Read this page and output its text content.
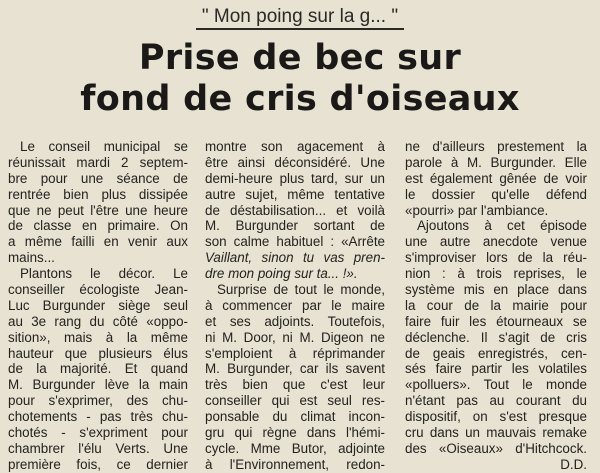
" Mon poing sur la g... "
Prise de bec sur
fond de cris d'oiseaux
Le conseil municipal se
réunissait mardi 2 septem-
bre pour une séance de
rentrée bien plus dissipée
que ne peut l'être une heure
de classe en primaire. On
a même failli en venir aux
mains...
Plantons le décor. Le
conseiller écologiste Jean-
Luc Burgunder siège seul
au 3e rang du côté «oppo-
sition», mais à la même
hauteur que plusieurs élus
de la majorité. Et quand
M. Burgunder lève la main
pour s'exprimer, des chu-
chotements - pas très chu-
chotés - s'expriment pour
chambrer l'élu Verts. Une
première fois, ce dernier
montre son agacement à
être ainsi déconsidéré. Une
demi-heure plus tard, sur un
autre sujet, même tentative
de déstabilisation... et voilà
M. Burgunder sortant de
son calme habituel : «Arrête
Vaillant, sinon tu vas pren-
dre mon poing sur ta... !».
Surprise de tout le monde,
à commencer par le maire
et ses adjoints. Toutefois,
ni M. Door, ni M. Digeon ne
s'emploient à réprimander
M. Burgunder, car ils savent
très bien que c'est leur
conseiller qui est seul res-
ponsable du climat incon-
gru qui règne dans l'hémi-
cycle. Mme Butor, adjointe
à l'Environnement, redon-
ne d'ailleurs prestement la
parole à M. Burgunder. Elle
est également gênée de voir
le dossier qu'elle défend
«pourri» par l'ambiance.
Ajoutons à cet épisode
une autre anecdote venue
s'improviser lors de la réu-
nion : à trois reprises, le
système mis en place dans
la cour de la mairie pour
faire fuir les étourneaux se
déclenche. Il s'agit de cris
de geais enregistrés, cen-
sés faire partir les volatiles
«polluers». Tout le monde
n'étant pas au courant du
dispositif, on s'est presque
cru dans un mauvais remake
des «Oiseaux» d'Hitchcock.
D.D.
